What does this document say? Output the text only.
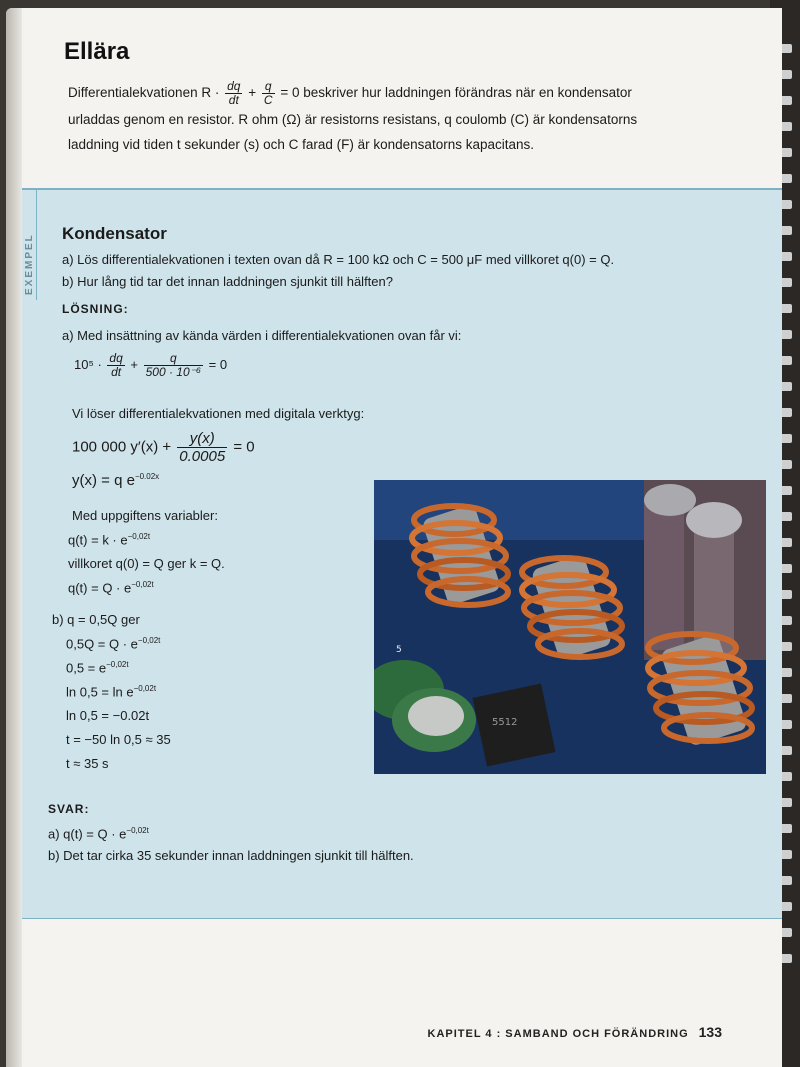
Ellära
Differentialekvationen $R \cdot \frac{dq}{dt} + \frac{q}{C} = 0$ beskriver hur laddningen förändras när en kondensator
urladdas genom en resistor. R ohm (Ω) är resistorns resistans, q coulomb (C) är kondensatorns
laddning vid tiden t sekunder (s) och C farad (F) är kondensatorns kapacitans.
EXEMPEL Kondensator
a) Lös differentialekvationen i texten ovan då R = 100 kΩ och C = 500 μF med villkoret q(0) = Q.
b) Hur lång tid tar det innan laddningen sjunkit till hälften?
LÖSNING:
a) Med insättning av kända värden i differentialekvationen ovan får vi:
$10^5 \cdot \frac{dq}{dt} + \frac{q}{\text{500 · 10⁻⁶}} = 0$
Vi löser differentialekvationen med digitala verktyg:
100 000 $y'(x) + \frac{y(x)}{0.0005} = 0$
y(x) = q $e^{-0.02x}$
Med uppgiftens variabler:
$q(t) = k \cdot e^{-0,02t}$
villkoret q(0) = Q ger k = Q.
$q(t) = Q \cdot e^{-0,02t}$
b) q = 0,5Q ger
$0,5Q = Q \cdot e^{-0,02t}$
$0,5 = e^{-0,02t}$
$\ln 0,5 = \ln e^{-0,02t}$
ln 0,5 = −0.02t
t = −50 ln 0,5 ≈ 35
t ≈ 35 s
5512
5
SVAR:
a) $q(t) = Q \cdot e^{-0,02t}$
b) Det tar cirka 35 sekunder innan laddningen sjunkit till hälften.
KAPITEL 4 : SAMBAND OCH FÖRÄNDRING 133
